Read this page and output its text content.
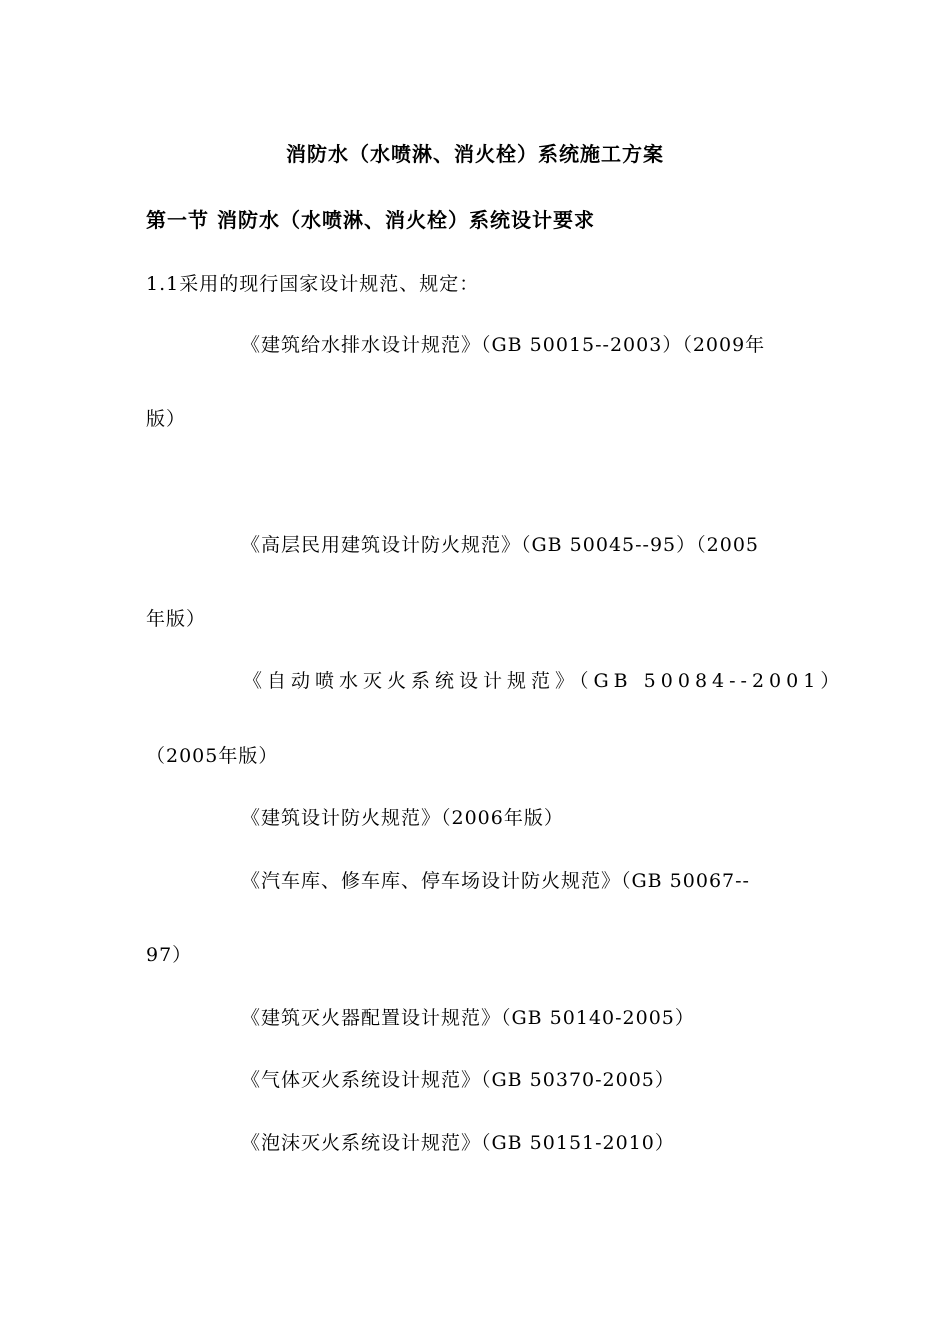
消防水（水喷淋、消火栓）系统施工方案
第一节 消防水（水喷淋、消火栓）系统设计要求
1.1采用的现行国家设计规范、规定：
《建筑给水排水设计规范》（GB 50015--2003）（2009年
版）
《高层民用建筑设计防火规范》（GB 50045--95）（2005
年版）
《自动喷水灭火系统设计规范》（GB 50084--2001）
（2005年版）
《建筑设计防火规范》（2006年版）
《汽车库、修车库、停车场设计防火规范》（GB 50067--
97）
《建筑灭火器配置设计规范》（GB 50140-2005）
《气体灭火系统设计规范》（GB 50370-2005）
《泡沫灭火系统设计规范》（GB 50151-2010）
